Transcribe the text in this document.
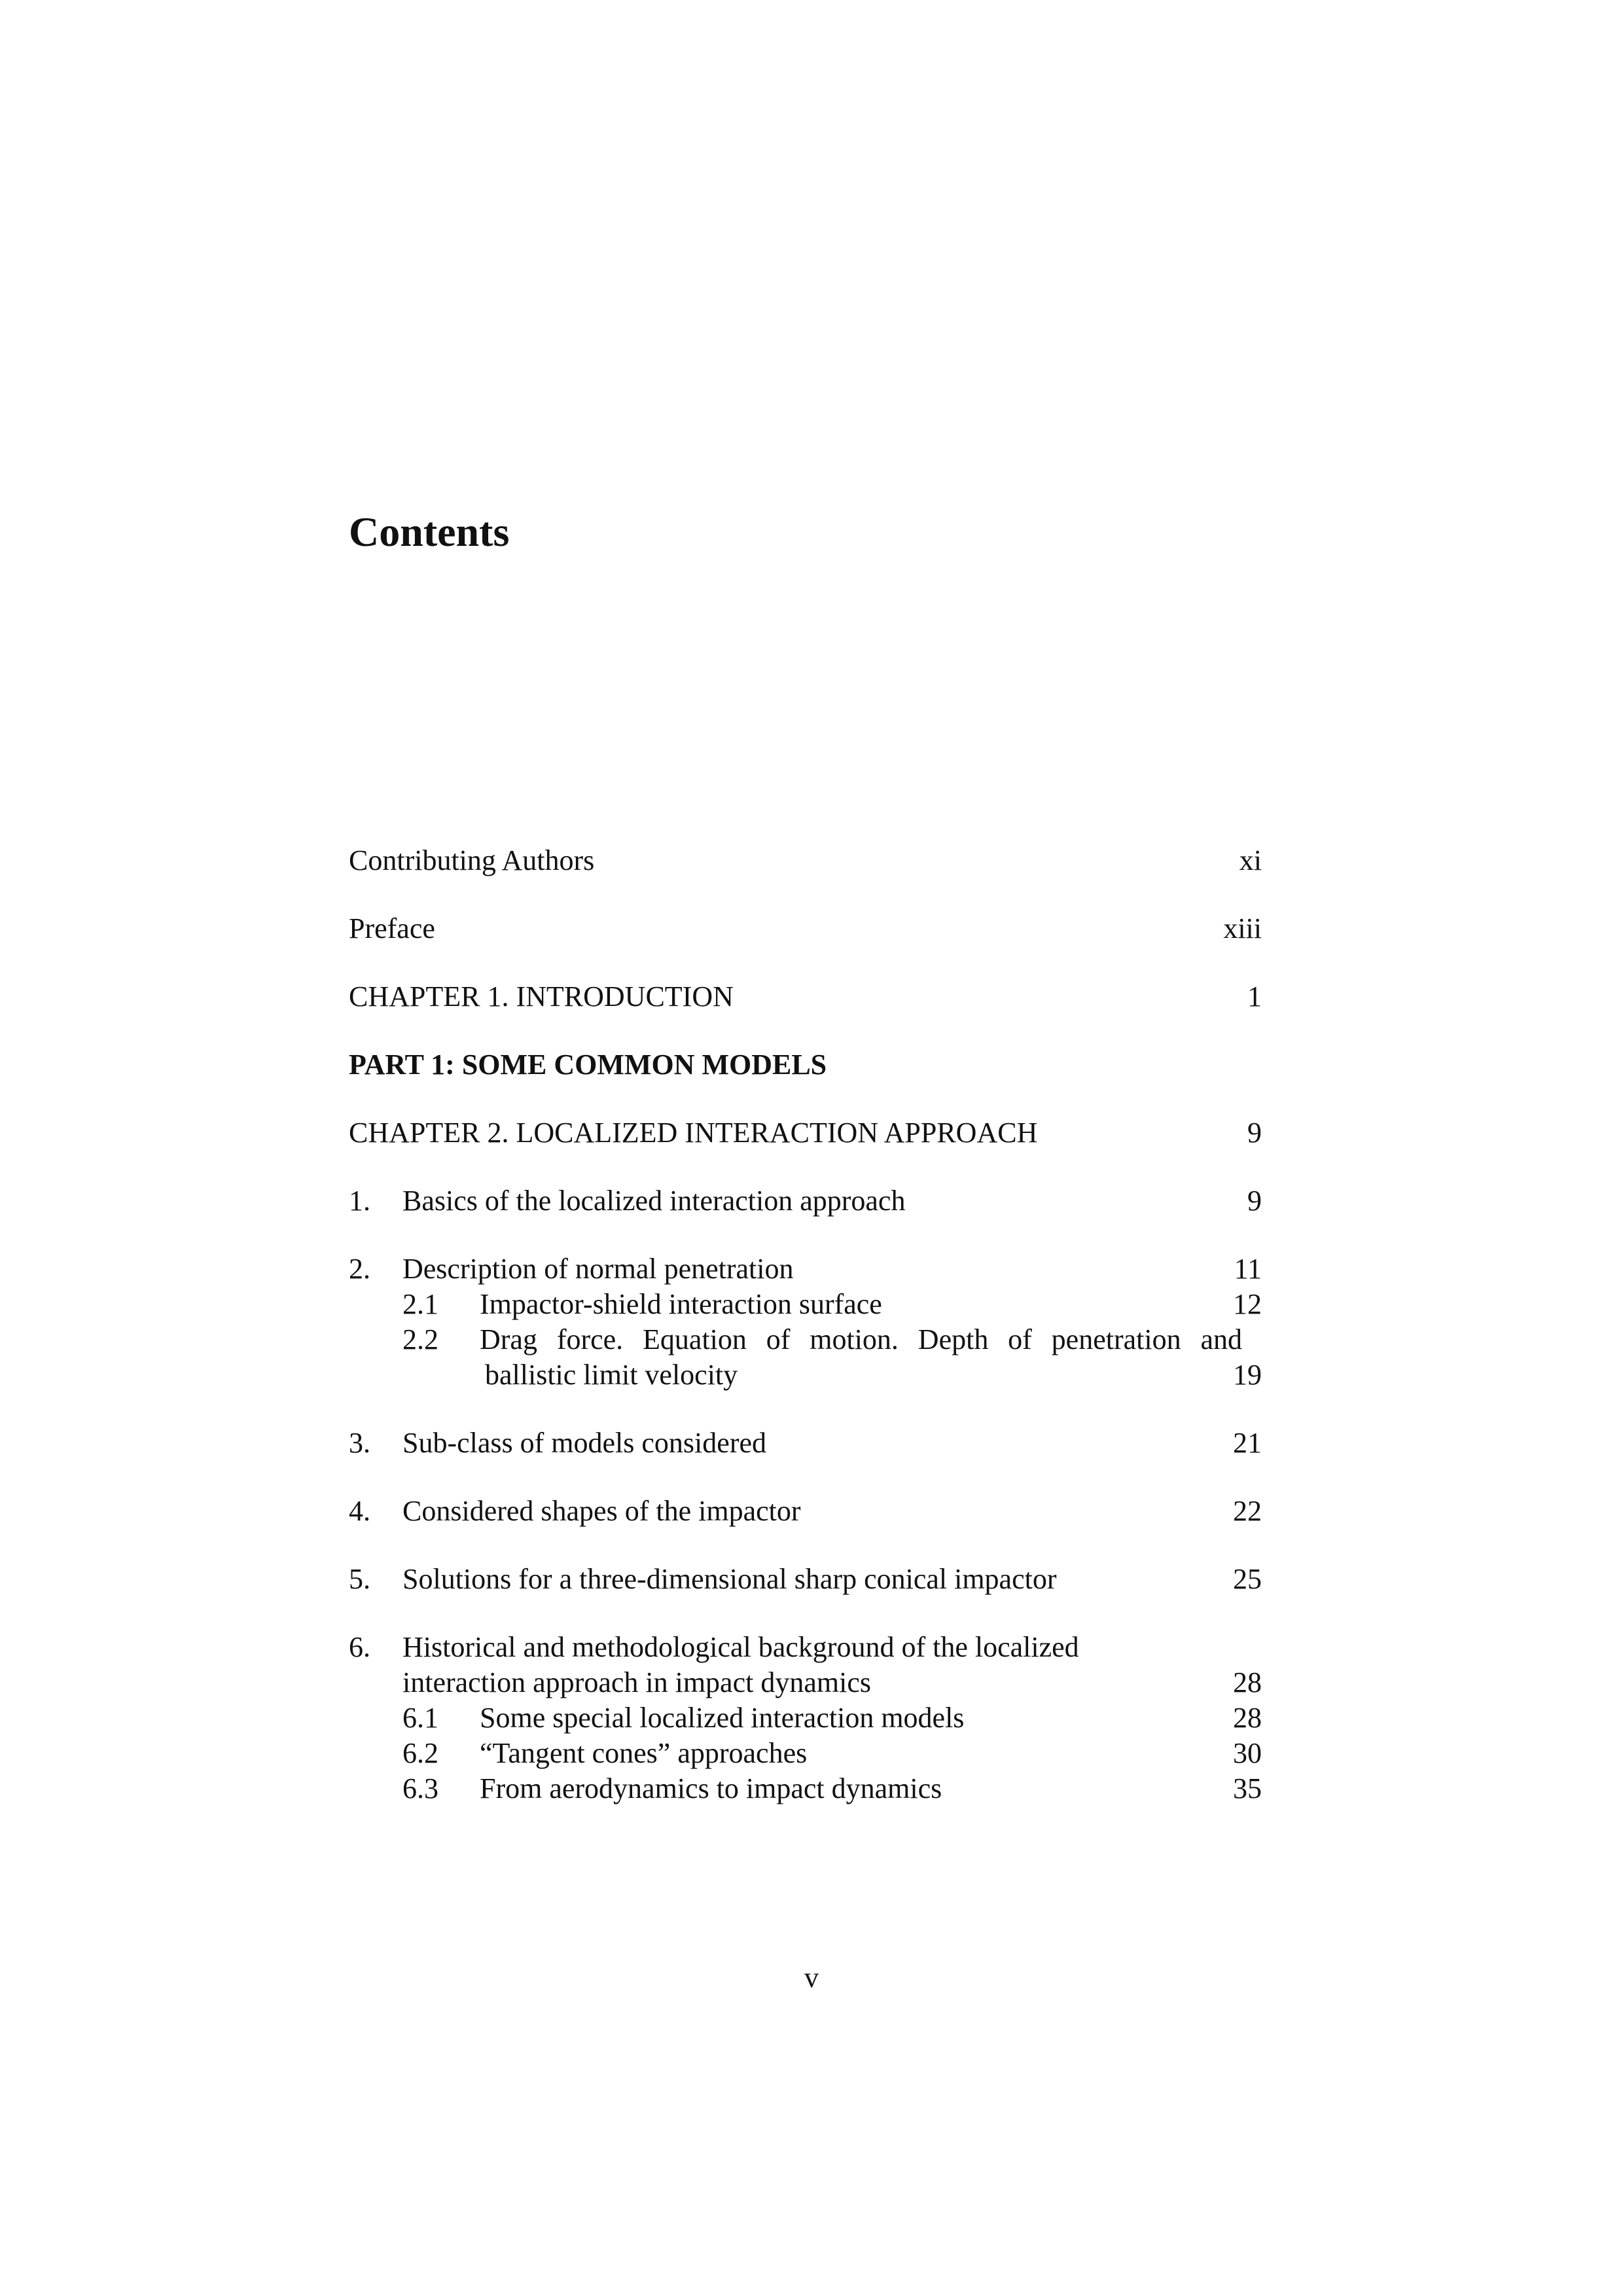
Contents
Contributing Authors	xi
Preface	xiii
CHAPTER 1. INTRODUCTION	1
PART 1: SOME COMMON MODELS
CHAPTER 2. LOCALIZED INTERACTION APPROACH	9
1. Basics of the localized interaction approach	9
2. Description of normal penetration	11
2.1 Impactor-shield interaction surface	12
2.2 Drag force. Equation of motion. Depth of penetration and
ballistic limit velocity	19
3. Sub-class of models considered	21
4. Considered shapes of the impactor	22
5. Solutions for a three-dimensional sharp conical impactor	25
6. Historical and methodological background of the localized
interaction approach in impact dynamics	28
6.1 Some special localized interaction models	28
6.2 “Tangent cones” approaches	30
6.3 From aerodynamics to impact dynamics	35
v
